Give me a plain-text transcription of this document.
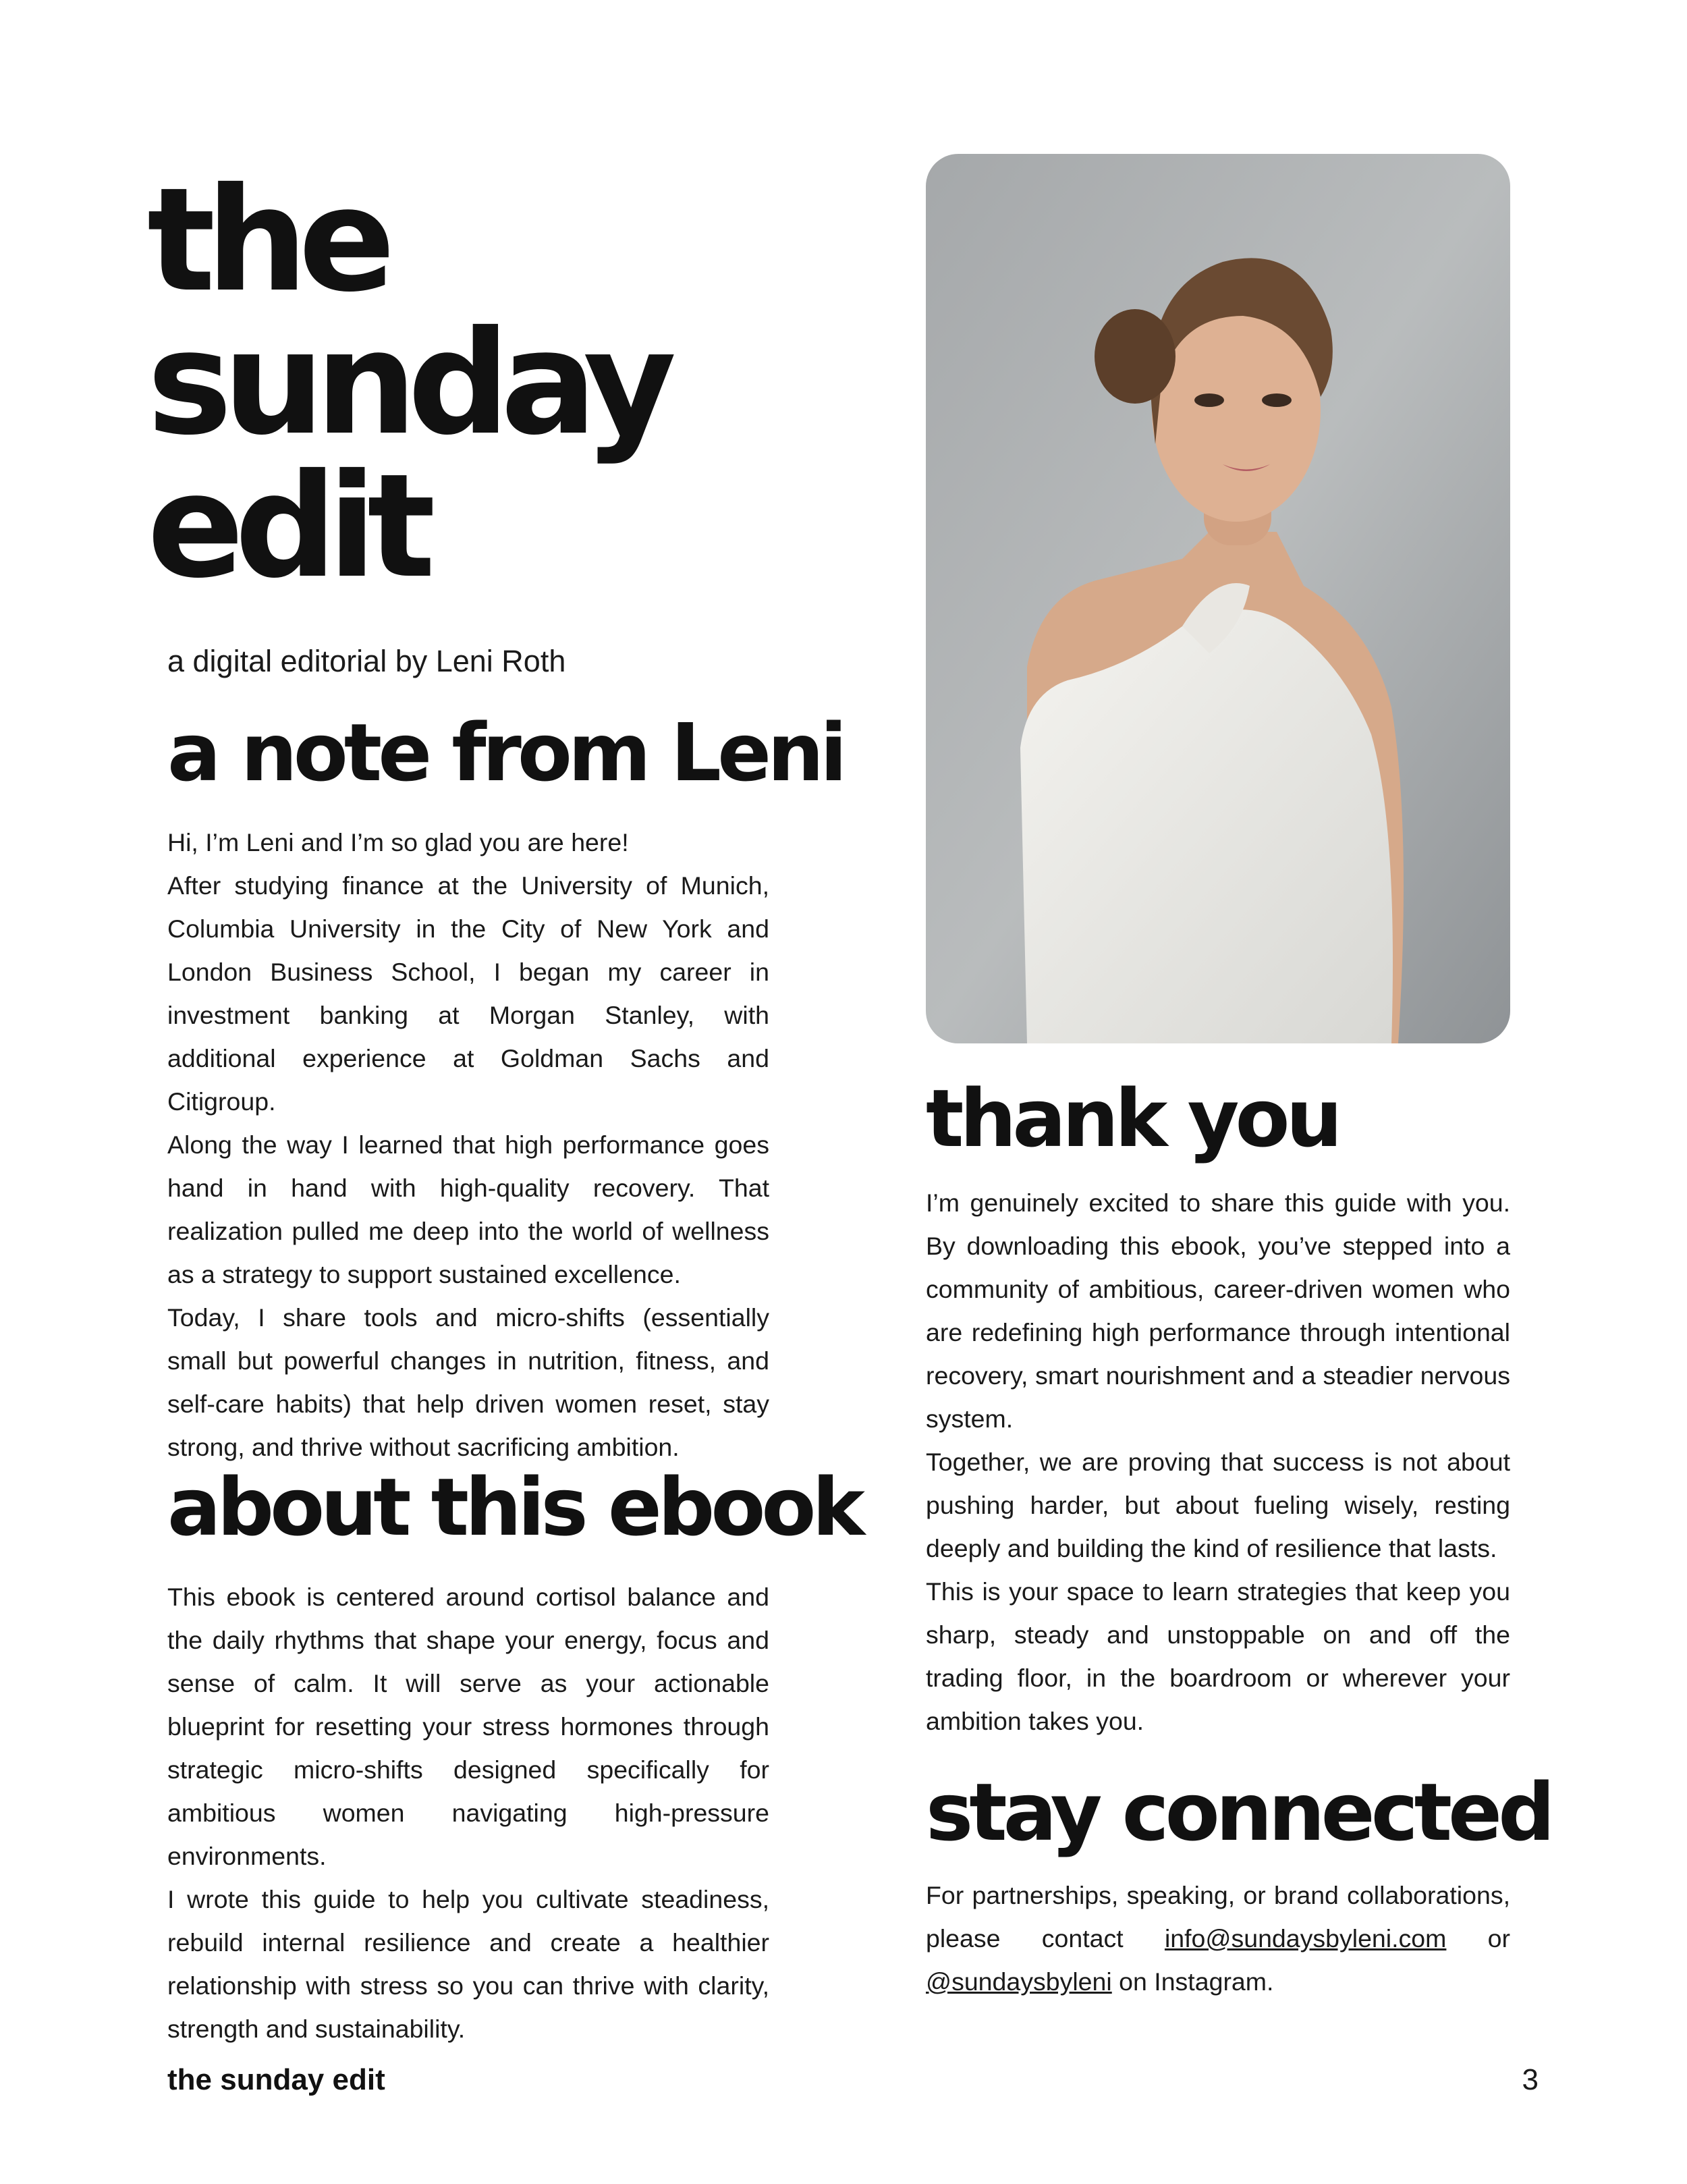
the
sunday
edit
a digital editorial by Leni Roth
a note from Leni

Hi, I’m Leni and I’m so glad you are here!

After studying finance at the University of Munich, Columbia University in the City of New York and London Business School, I began my career in investment banking at Morgan Stanley, with additional experience at Goldman Sachs and Citigroup.

Along the way I learned that high performance goes hand in hand with high-quality recovery. That realization pulled me deep into the world of wellness as a strategy to support sustained excellence.

Today, I share tools and micro-shifts (essentially small but powerful changes in nutrition, fitness, and self-care habits) that help driven women reset, stay strong, and thrive without sacrificing ambition.

about this ebook

This ebook is centered around cortisol balance and the daily rhythms that shape your energy, focus and sense of calm. It will serve as your actionable blueprint for resetting your stress hormones through strategic micro-shifts designed specifically for ambitious women navigating high-pressure environments.

I wrote this guide to help you cultivate steadiness, rebuild internal resilience and create a healthier relationship with stress so you can thrive with clarity, strength and sustainability.

thank you

I’m genuinely excited to share this guide with you. By downloading this ebook, you’ve stepped into a community of ambitious, career-driven women who are redefining high performance through intentional recovery, smart nourishment and a steadier nervous system.

Together, we are proving that success is not about pushing harder, but about fueling wisely, resting deeply and building the kind of resilience that lasts.

This is your space to learn strategies that keep you sharp, steady and unstoppable on and off the trading floor, in the boardroom or wherever your ambition takes you.

stay connected

For partnerships, speaking, or brand collaborations, please contact info@sundaysbyleni.com or @sundaysbyleni on Instagram.

the sunday edit	3
